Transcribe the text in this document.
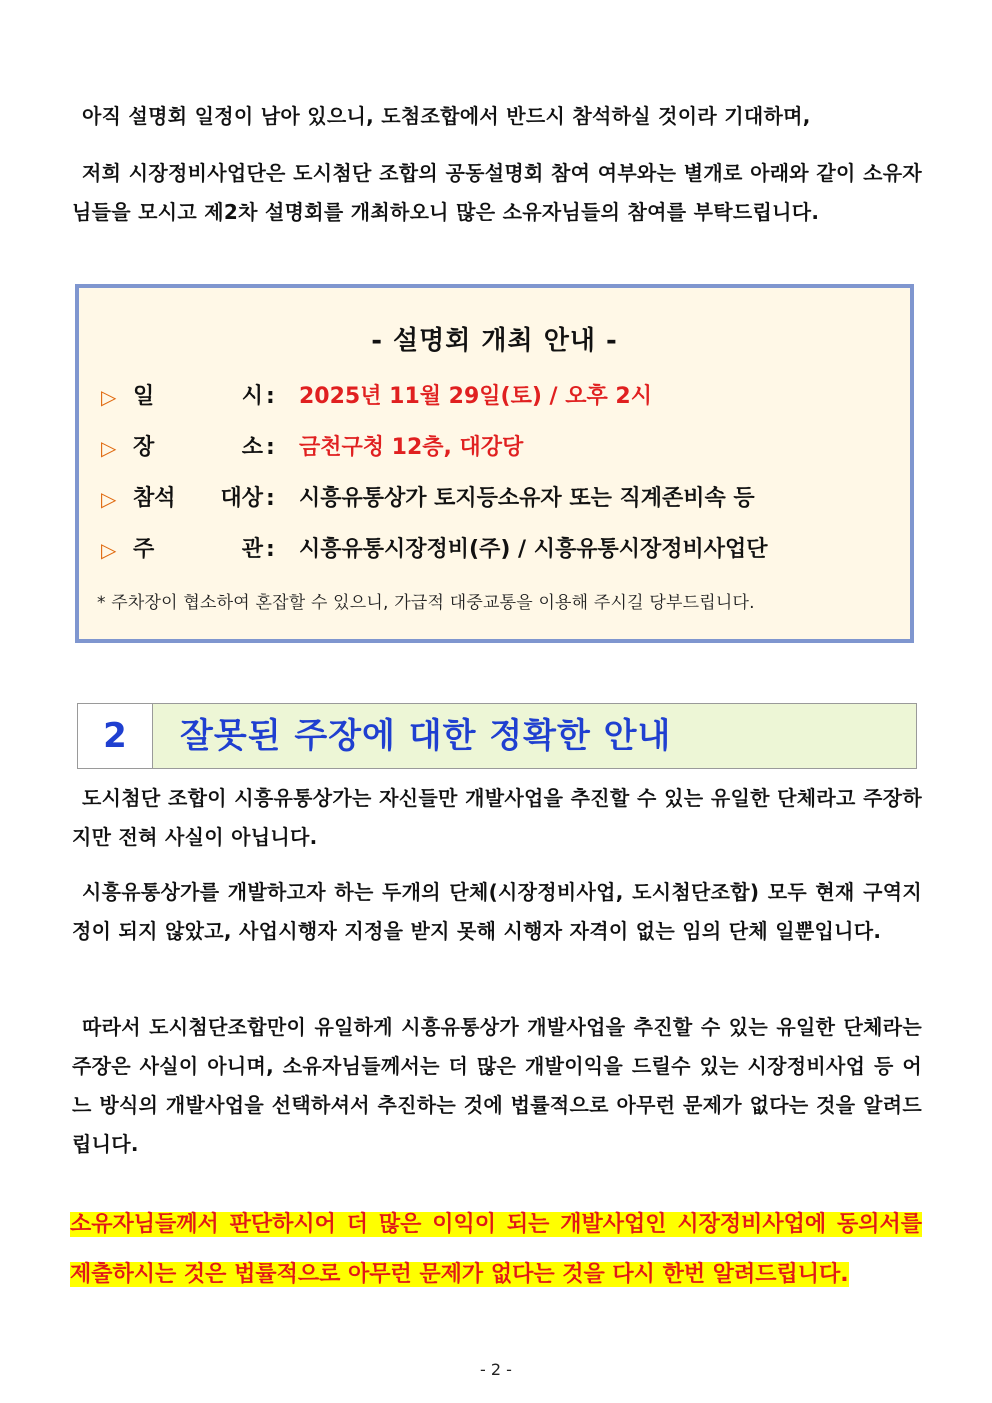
아직 설명회 일정이 남아 있으니, 도첨조합에서 반드시 참석하실 것이라 기대하며,
저희 시장정비사업단은 도시첨단 조합의 공동설명회 참여 여부와는 별개로 아래와 같이 소유자님들을 모시고 제2차 설명회를 개최하오니 많은 소유자님들의 참여를 부탁드립니다.
- 설명회 개최 안내 -
▷ 일 시 : 2025년 11월 29일(토) / 오후 2시
▷ 장 소 : 금천구청 12층, 대강당
▷ 참석 대상 : 시흥유통상가 토지등소유자 또는 직계존비속 등
▷ 주 관 : 시흥유통시장정비(주) / 시흥유통시장정비사업단
* 주차장이 협소하여 혼잡할 수 있으니, 가급적 대중교통을 이용해 주시길 당부드립니다.
2	잘못된 주장에 대한 정확한 안내
도시첨단 조합이 시흥유통상가는 자신들만 개발사업을 추진할 수 있는 유일한 단체라고 주장하지만 전혀 사실이 아닙니다.
시흥유통상가를 개발하고자 하는 두개의 단체(시장정비사업, 도시첨단조합) 모두 현재 구역지정이 되지 않았고, 사업시행자 지정을 받지 못해 시행자 자격이 없는 임의 단체 일뿐입니다.
따라서 도시첨단조합만이 유일하게 시흥유통상가 개발사업을 추진할 수 있는 유일한 단체라는 주장은 사실이 아니며, 소유자님들께서는 더 많은 개발이익을 드릴수 있는 시장정비사업 등 어느 방식의 개발사업을 선택하셔서 추진하는 것에 법률적으로 아무런 문제가 없다는 것을 알려드립니다.
소유자님들께서 판단하시어 더 많은 이익이 되는 개발사업인 시장정비사업에 동의서를 제출하시는 것은 법률적으로 아무런 문제가 없다는 것을 다시 한번 알려드립니다.
- 2 -
